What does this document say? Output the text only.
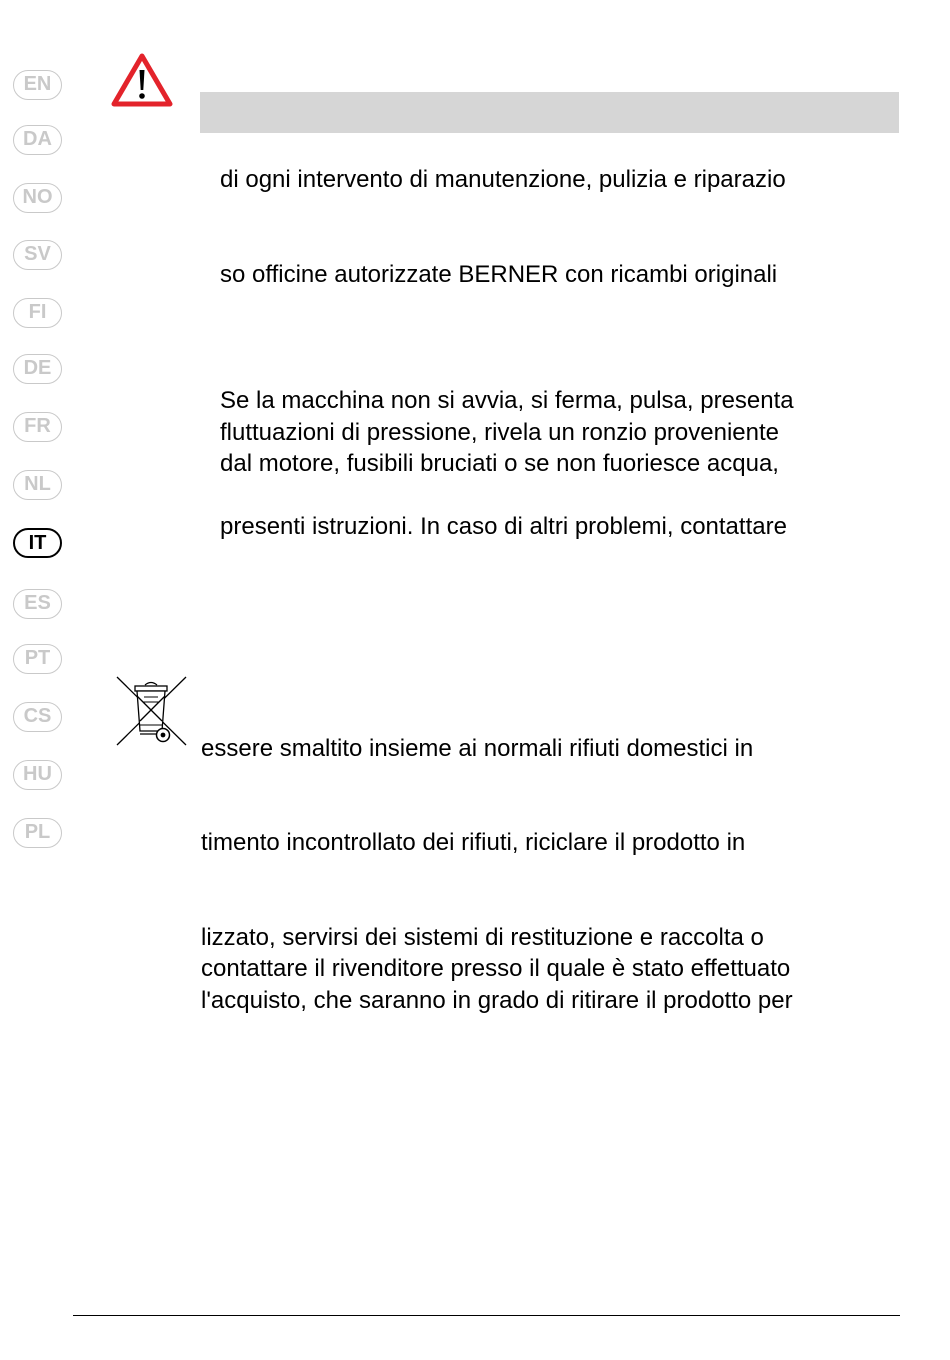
EN
DA
NO
SV
FI
DE
FR
NL
IT
ES
PT
CS
HU
PL
di ogni intervento di manutenzione, pulizia e riparazio
so officine autorizzate BERNER con ricambi originali
Se la macchina non si avvia, si ferma, pulsa, presenta
fluttuazioni di pressione, rivela un ronzio proveniente
dal motore, fusibili bruciati o se non fuoriesce acqua,
presenti istruzioni. In caso di altri problemi, contattare
essere smaltito insieme ai normali rifiuti domestici in
timento incontrollato dei rifiuti, riciclare il prodotto in
lizzato, servirsi dei sistemi di restituzione e raccolta o
contattare il rivenditore presso il quale è stato effettuato
l'acquisto, che saranno in grado di ritirare il prodotto per
